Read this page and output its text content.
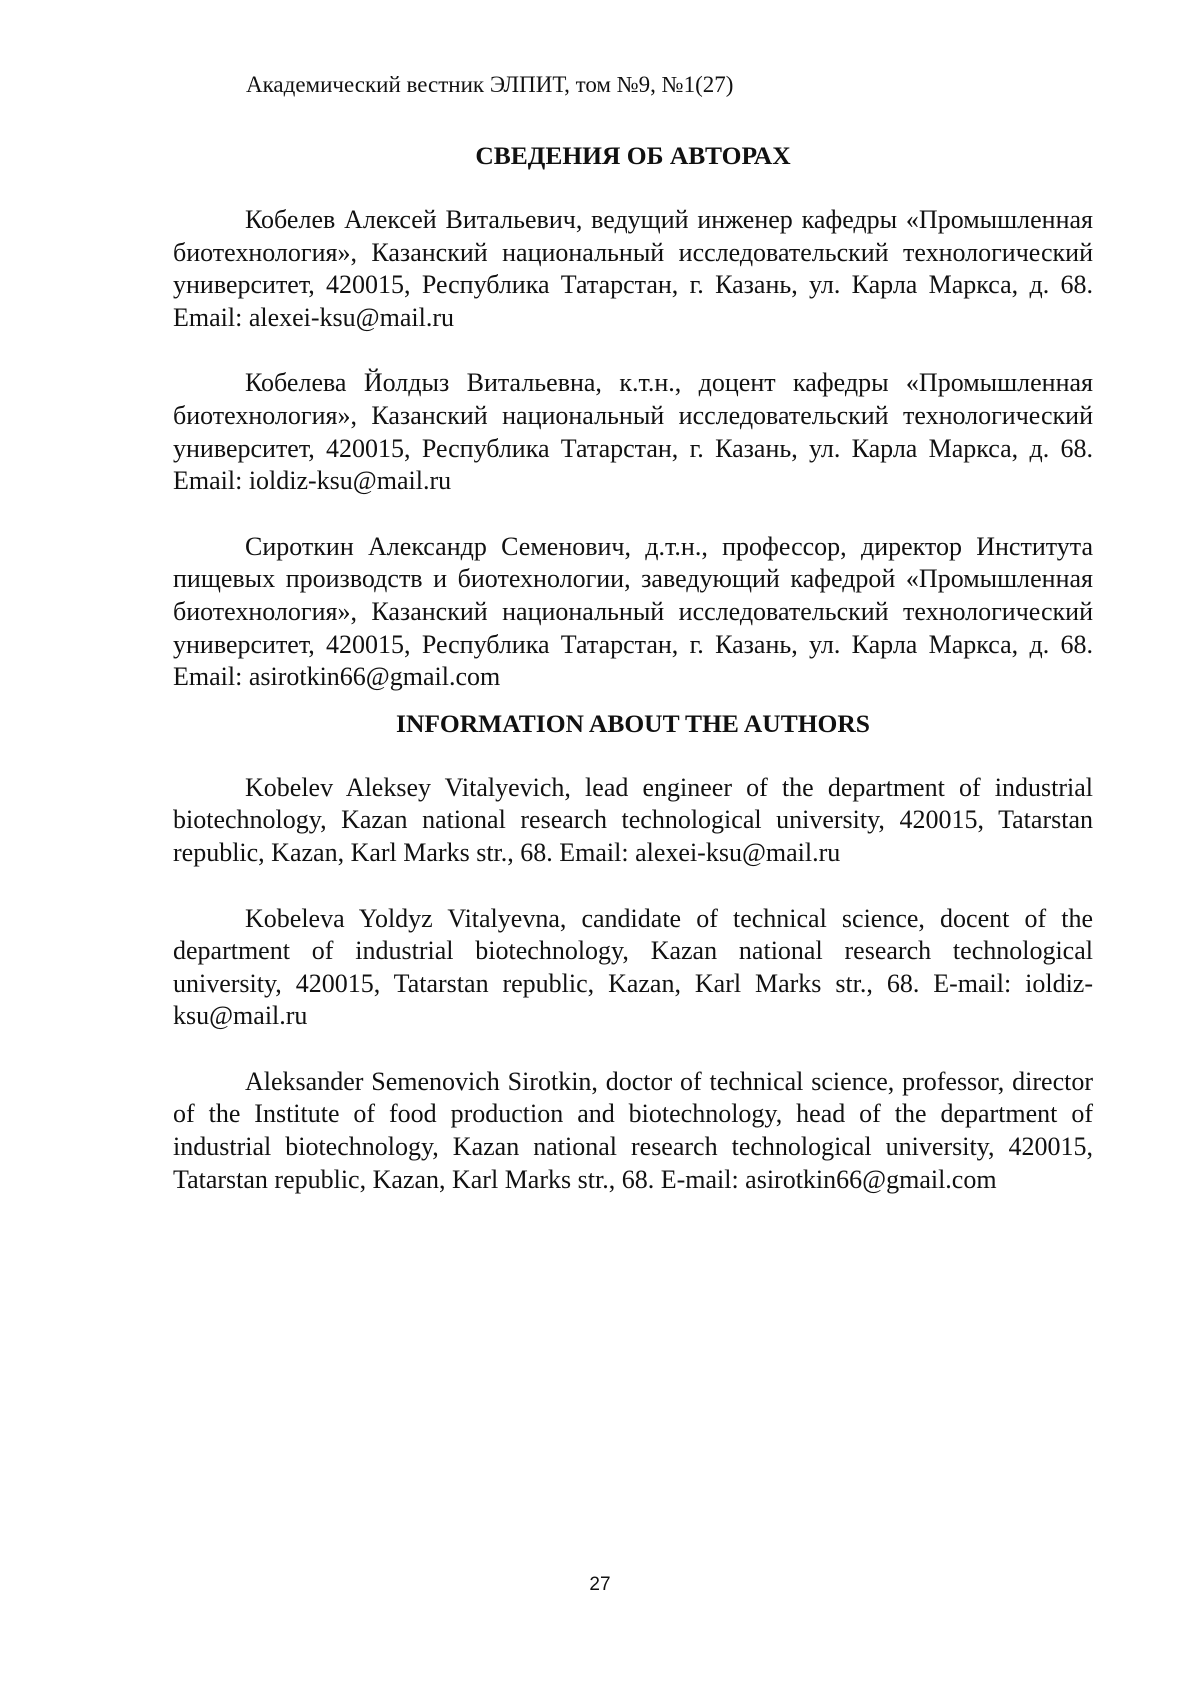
Академический вестник ЭЛПИТ, том №9, №1(27)
СВЕДЕНИЯ ОБ АВТОРАХ

Кобелев Алексей Витальевич, ведущий инженер кафедры «Промышленная биотехнология», Казанский национальный исследовательский технологический университет, 420015, Республика Татарстан, г. Казань, ул. Карла Маркса, д. 68. Email: alexei-ksu@mail.ru

Кобелева Йолдыз Витальевна, к.т.н., доцент кафедры «Промышленная биотехнология», Казанский национальный исследовательский технологический университет, 420015, Республика Татарстан, г. Казань, ул. Карла Маркса, д. 68. Email: ioldiz-ksu@mail.ru

Сироткин Александр Семенович, д.т.н., профессор, директор Института пищевых производств и биотехнологии, заведующий кафедрой «Промышленная биотехнология», Казанский национальный исследовательский технологический университет, 420015, Республика Татарстан, г. Казань, ул. Карла Маркса, д. 68. Email: asirotkin66@gmail.com

INFORMATION ABOUT THE AUTHORS

Kobelev Aleksey Vitalyevich, lead engineer of the department of industrial biotechnology, Kazan national research technological university, 420015, Tatarstan republic, Kazan, Karl Marks str., 68. Email: alexei-ksu@mail.ru

Kobeleva Yoldyz Vitalyevna, candidate of technical science, docent of the department of industrial biotechnology, Kazan national research technological university, 420015, Tatarstan republic, Kazan, Karl Marks str., 68. E-mail: ioldiz-ksu@mail.ru

Aleksander Semenovich Sirotkin, doctor of technical science, professor, director of the Institute of food production and biotechnology, head of the department of industrial biotechnology, Kazan national research technological university, 420015, Tatarstan republic, Kazan, Karl Marks str., 68. E-mail: asirotkin66@gmail.com

27
